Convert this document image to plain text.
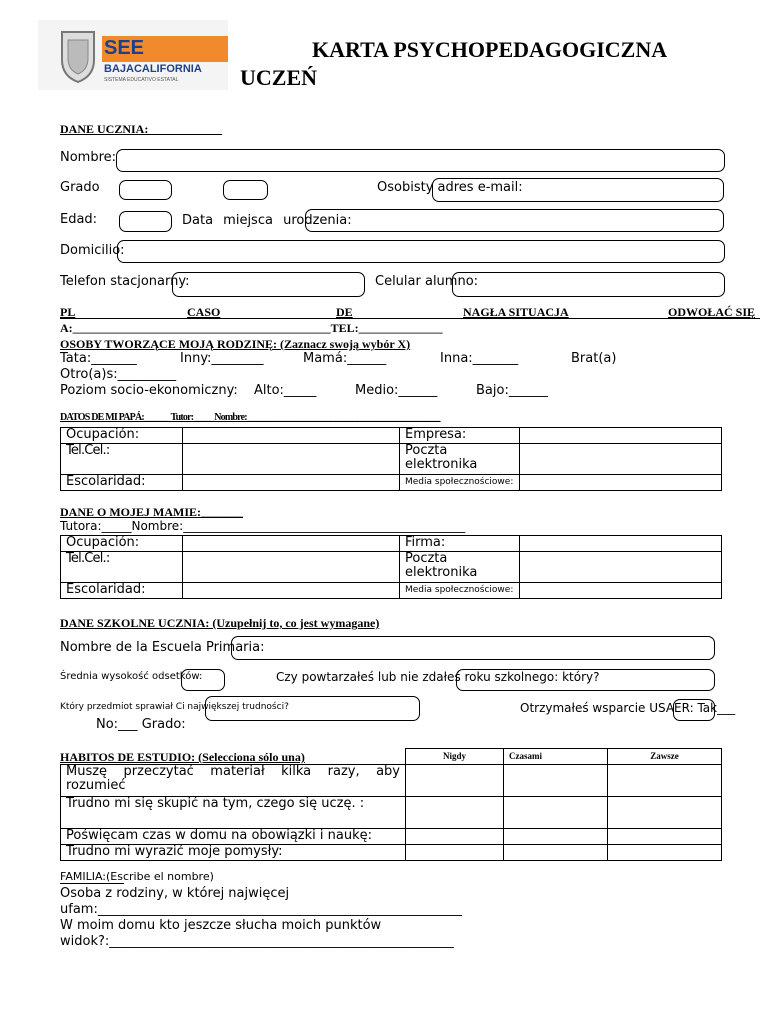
SEE
BAJACALIFORNIA
SISTEMA EDUCATIVO ESTATAL
KARTA PSYCHOPEDAGOGICZNA
UCZEŃ
DANE UCZNIA:
Nombre:
Grado	Osobisty adres e-mail:
Edad:	Data miejsca urodzenia:
Domicilio:
Telefon stacjonarny:	Celular alumno:
PL	CASO	DE	NAGŁA SITUACJA	ODWOŁAĆ SIĘ
A:___________________________________________TEL:______________
OSOBY TWORZĄCE MOJĄ RODZINĘ: (Zaznacz swoją wybór X)
Tata:_______	Inny:________	Mamá:______	Inna:_______	Brat(a)
Otro(a)s:_________
Poziom socio-ekonomiczny: Alto:_____	Medio:______	Bajo:______
DATOS DE MI PAPÁ:______ Tutor:_____Nombre:______________________________________________
Ocupación:		Empresa:	
Tel.Cel.:		Poczta elektronika	
Escolaridad:		Media społecznościowe:	
DANE O MOJEJ MAMIE:_______
Tutora:_____Nombre:_______________________________________________
Ocupación:		Firma:	
Tel.Cel.:		Poczta elektronika	
Escolaridad:		Media społecznościowe:	
DANE SZKOLNE UCZNIA: (Uzupełnij to, co jest wymagane)
Nombre de la Escuela Primaria:
Średnia wysokość odsetków:	Czy powtarzałeś lub nie zdałeś roku szkolnego: który?
Który przedmiot sprawiał Ci największej trudności?	Otrzymałeś wsparcie USAER: Tak___
No:___ Grado:
HABITOS DE ESTUDIO: (Selecciona sólo una)	Nigdy	Czasami	Zawsze
Muszę przeczytać materiał kilka razy, aby rozumieć			
Trudno mi się skupić na tym, czego się uczę. :			
Poświęcam czas w domu na obowiązki i naukę:			
Trudno mi wyrazić moje pomysły:			
FAMILIA:(Escribe el nombre)
Osoba z rodziny, w której najwięcej
ufam:________________________________________________________
W moim domu kto jeszcze słucha moich punktów
widok?:_____________________________________________________
